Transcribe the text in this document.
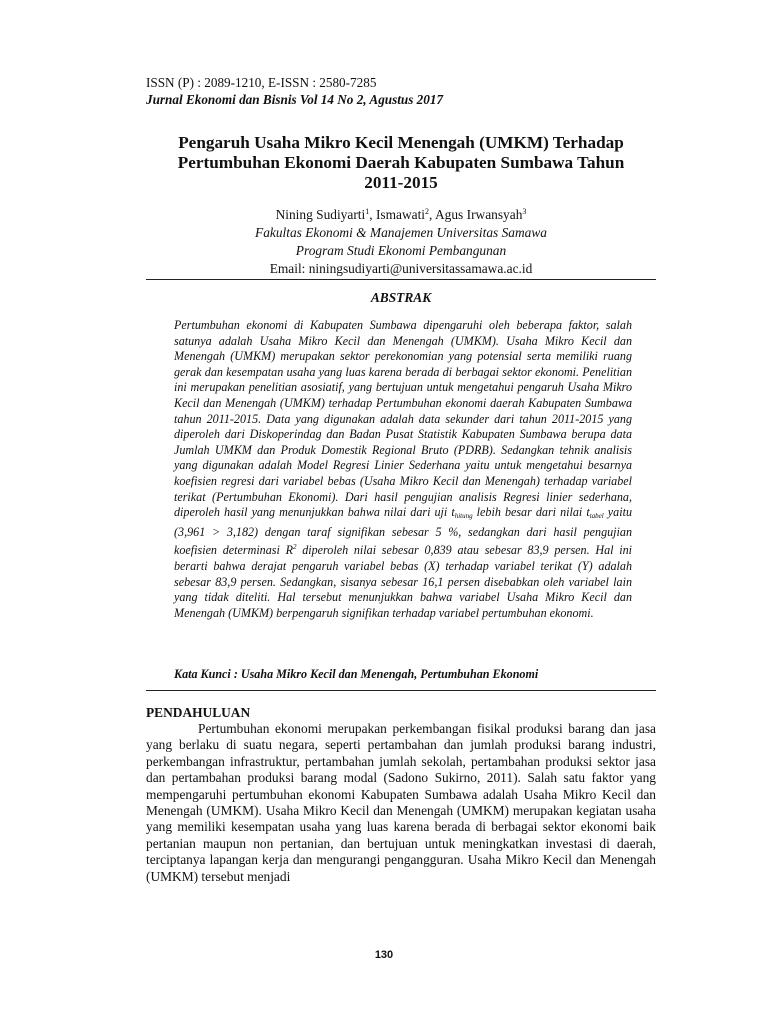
ISSN (P) : 2089-1210, E-ISSN : 2580-7285
Jurnal Ekonomi dan Bisnis Vol 14 No 2, Agustus 2017
Pengaruh Usaha Mikro Kecil Menengah (UMKM) Terhadap
Pertumbuhan Ekonomi Daerah Kabupaten Sumbawa Tahun
2011-2015
Nining Sudiyarti$^1$, Ismawati$^2$, Agus Irwansyah$^3$
Fakultas Ekonomi & Manajemen Universitas Samawa
Program Studi Ekonomi Pembangunan
Email: niningsudiyarti@universitassamawa.ac.id
ABSTRAK

Pertumbuhan ekonomi di Kabupaten Sumbawa dipengaruhi oleh beberapa faktor, salah satunya adalah Usaha Mikro Kecil dan Menengah (UMKM). Usaha Mikro Kecil dan Menengah (UMKM) merupakan sektor perekonomian yang potensial serta memiliki ruang gerak dan kesempatan usaha yang luas karena berada di berbagai sektor ekonomi. Penelitian ini merupakan penelitian asosiatif, yang bertujuan untuk mengetahui pengaruh Usaha Mikro Kecil dan Menengah (UMKM) terhadap Pertumbuhan ekonomi daerah Kabupaten Sumbawa tahun 2011-2015. Data yang digunakan adalah data sekunder dari tahun 2011-2015 yang diperoleh dari Diskoperindag dan Badan Pusat Statistik Kabupaten Sumbawa berupa data Jumlah UMKM dan Produk Domestik Regional Bruto (PDRB). Sedangkan tehnik analisis yang digunakan adalah Model Regresi Linier Sederhana yaitu untuk mengetahui besarnya koefisien regresi dari variabel bebas (Usaha Mikro Kecil dan Menengah) terhadap variabel terikat (Pertumbuhan Ekonomi). Dari hasil pengujian analisis Regresi linier sederhana, diperoleh hasil yang menunjukkan bahwa nilai dari uji $t_{hitung}$ lebih besar dari nilai $t_{tabel}$ yaitu (3,961 > 3,182) dengan taraf signifikan sebesar 5 %, sedangkan dari hasil pengujian koefisien determinasi $R^2$ diperoleh nilai sebesar 0,839 atau sebesar 83,9 persen. Hal ini berarti bahwa derajat pengaruh variabel bebas (X) terhadap variabel terikat (Y) adalah sebesar 83,9 persen. Sedangkan, sisanya sebesar 16,1 persen disebabkan oleh variabel lain yang tidak diteliti. Hal tersebut menunjukkan bahwa variabel Usaha Mikro Kecil dan Menengah (UMKM) berpengaruh signifikan terhadap variabel pertumbuhan ekonomi.

Kata Kunci : Usaha Mikro Kecil dan Menengah, Pertumbuhan Ekonomi
PENDAHULUAN

Pertumbuhan ekonomi merupakan perkembangan fisikal produksi barang dan jasa yang berlaku di suatu negara, seperti pertambahan dan jumlah produksi barang industri, perkembangan infrastruktur, pertambahan jumlah sekolah, pertambahan produksi sektor jasa dan pertambahan produksi barang modal (Sadono Sukirno, 2011). Salah satu faktor yang mempengaruhi pertumbuhan ekonomi Kabupaten Sumbawa adalah Usaha Mikro Kecil dan Menengah (UMKM). Usaha Mikro Kecil dan Menengah (UMKM) merupakan kegiatan usaha yang memiliki kesempatan usaha yang luas karena berada di berbagai sektor ekonomi baik pertanian maupun non pertanian, dan bertujuan untuk meningkatkan investasi di daerah, terciptanya lapangan kerja dan mengurangi pengangguran. Usaha Mikro Kecil dan Menengah (UMKM) tersebut menjadi

130
